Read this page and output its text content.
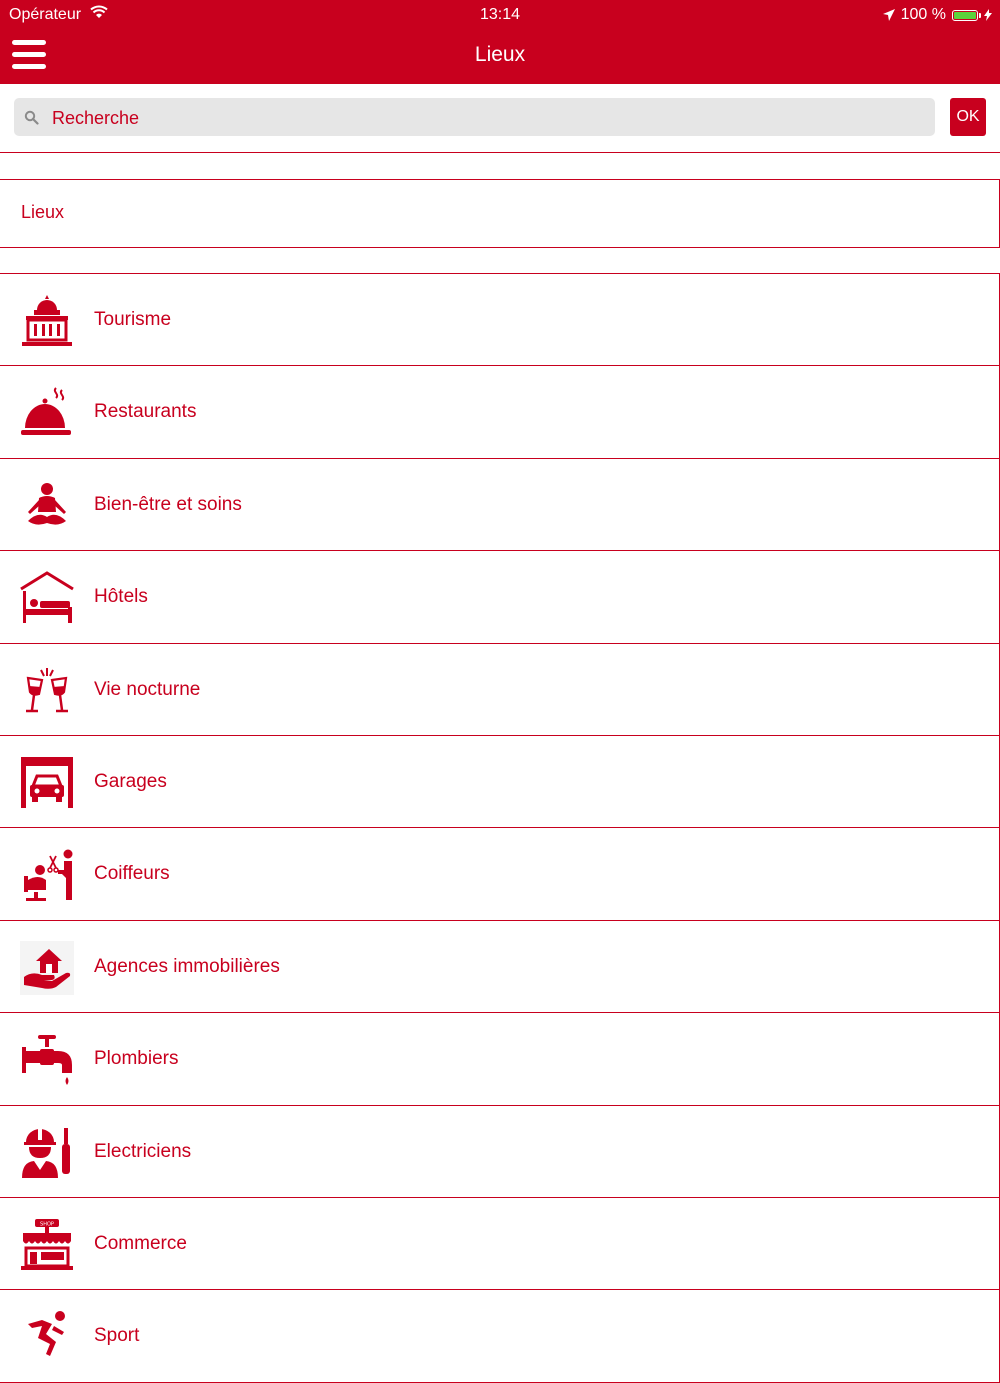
Opérateur	13:14	100 %
Lieux
Recherche
OK
Lieux
Tourisme
Restaurants
Bien-être et soins
Hôtels
Vie nocturne
Garages
Coiffeurs
Agences immobilières
Plombiers
Electriciens
SHOP
Commerce
Sport
